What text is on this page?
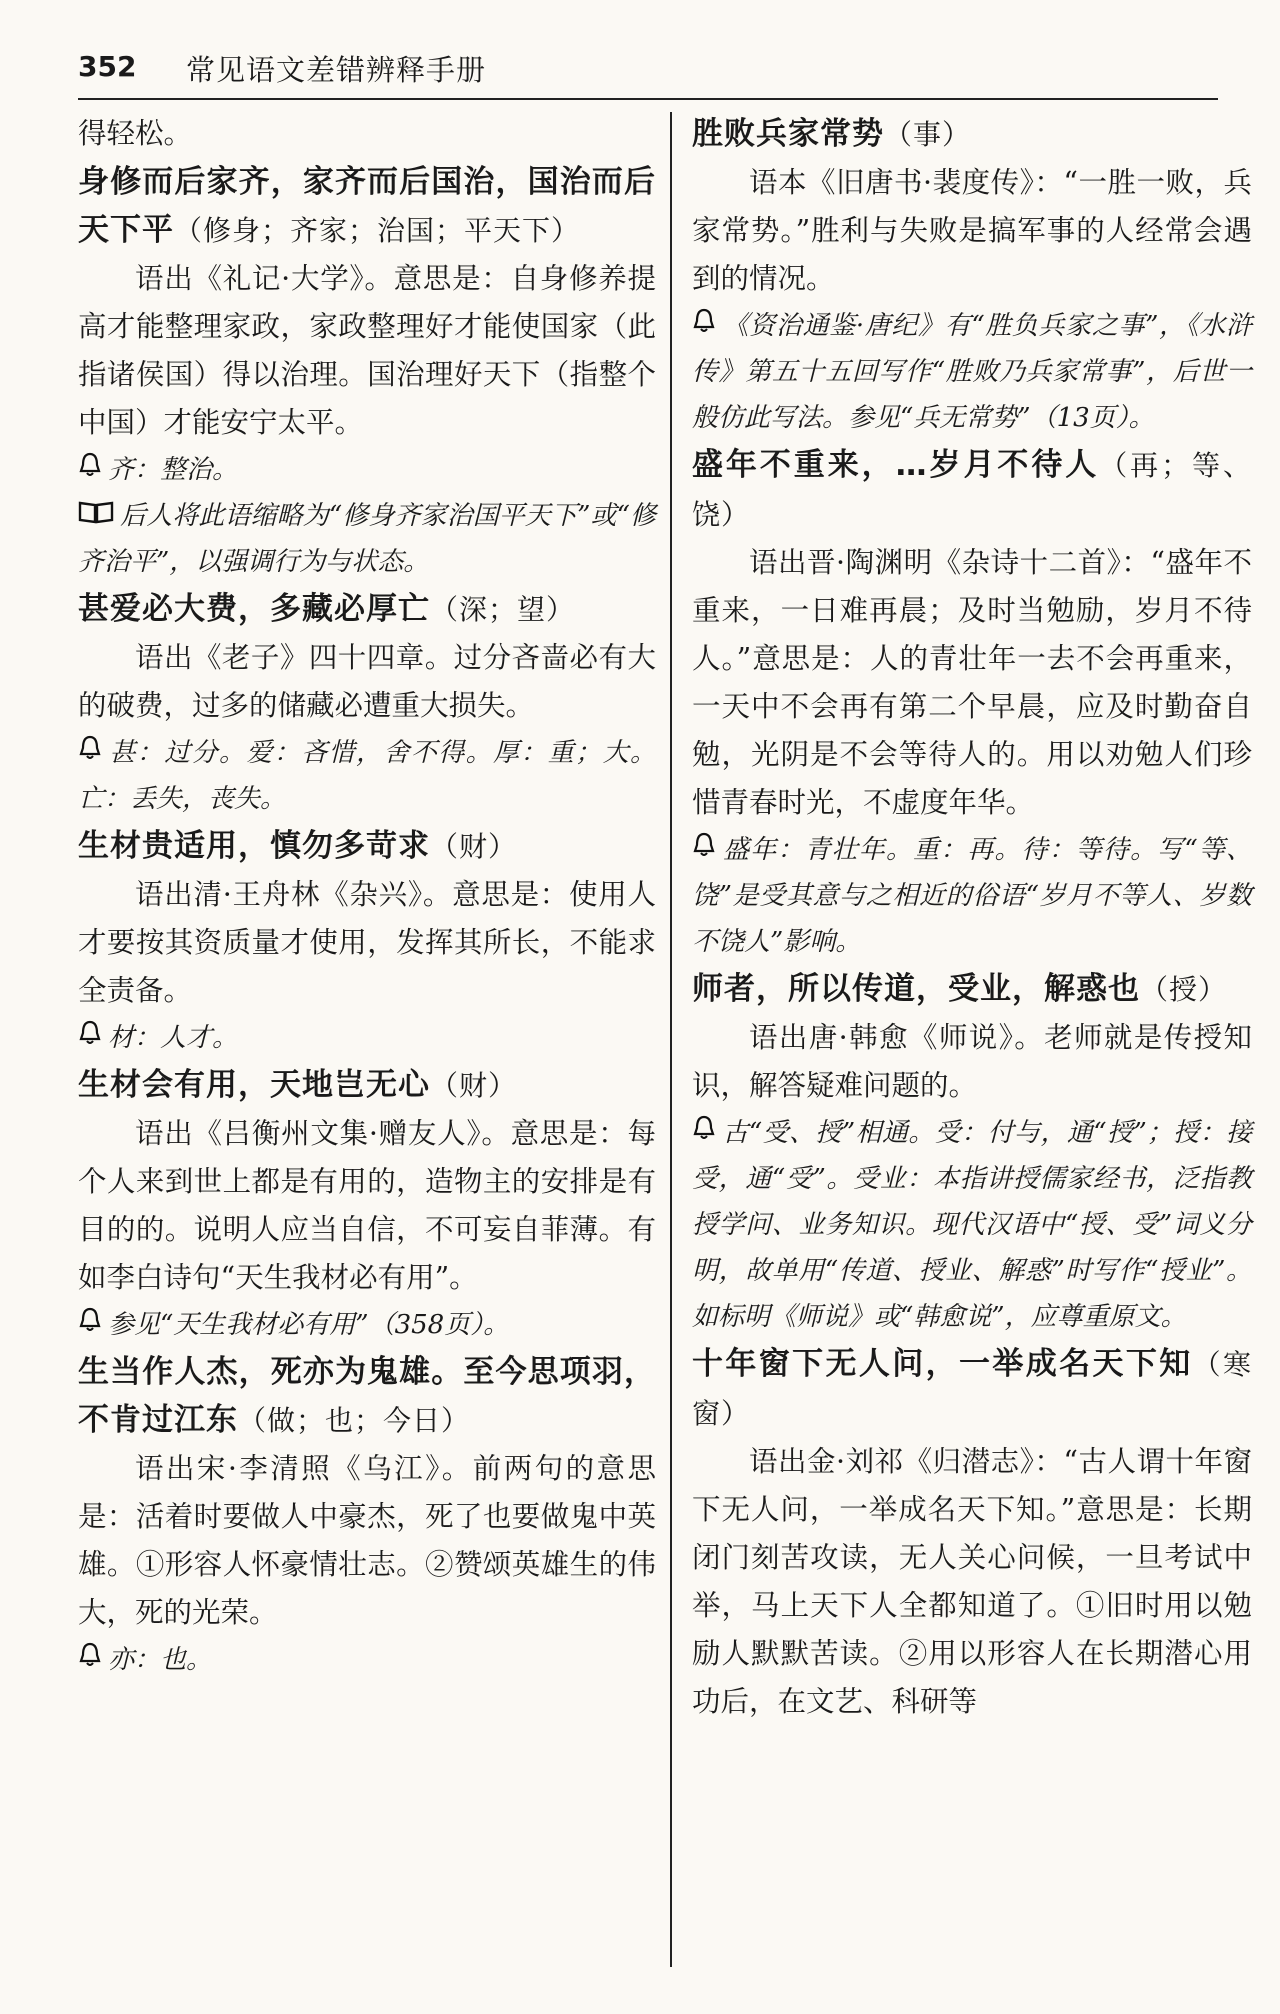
352 常见语文差错辨释手册

得轻松。

身修而后家齐，家齐而后国治，国治而后天下平（修身；齐家；治国；平天下）

语出《礼记·大学》。意思是：自身修养提高才能整理家政，家政整理好才能使国家（此指诸侯国）得以治理。国治理好天下（指整个中国）才能安宁太平。

齐：整治。

后人将此语缩略为“修身齐家治国平天下”或“修齐治平”，以强调行为与状态。

甚爱必大费，多藏必厚亡（深；望）

语出《老子》四十四章。过分吝啬必有大的破费，过多的储藏必遭重大损失。

甚：过分。爱：吝惜，舍不得。厚：重；大。亡：丢失，丧失。

生材贵适用，慎勿多苛求（财）

语出清·王舟林《杂兴》。意思是：使用人才要按其资质量才使用，发挥其所长，不能求全责备。

材：人才。

生材会有用，天地岂无心（财）

语出《吕衡州文集·赠友人》。意思是：每个人来到世上都是有用的，造物主的安排是有目的的。说明人应当自信，不可妄自菲薄。有如李白诗句“天生我材必有用”。

参见“天生我材必有用”（358页）。

生当作人杰，死亦为鬼雄。至今思项羽，不肯过江东（做；也；今日）

语出宋·李清照《乌江》。前两句的意思是：活着时要做人中豪杰，死了也要做鬼中英雄。①形容人怀豪情壮志。②赞颂英雄生的伟大，死的光荣。

亦：也。

胜败兵家常势（事）

语本《旧唐书·裴度传》：“一胜一败，兵家常势。”胜利与失败是搞军事的人经常会遇到的情况。

《资治通鉴·唐纪》有“胜负兵家之事”，《水浒传》第五十五回写作“胜败乃兵家常事”，后世一般仿此写法。参见“兵无常势”（13页）。

盛年不重来，…岁月不待人（再；等、饶）

语出晋·陶渊明《杂诗十二首》：“盛年不重来，一日难再晨；及时当勉励，岁月不待人。”意思是：人的青壮年一去不会再重来，一天中不会再有第二个早晨，应及时勤奋自勉，光阴是不会等待人的。用以劝勉人们珍惜青春时光，不虚度年华。

盛年：青壮年。重：再。待：等待。写“等、饶”是受其意与之相近的俗语“岁月不等人、岁数不饶人”影响。

师者，所以传道，受业，解惑也（授）

语出唐·韩愈《师说》。老师就是传授知识，解答疑难问题的。

古“受、授”相通。受：付与，通“授”；授：接受，通“受”。受业：本指讲授儒家经书，泛指教授学问、业务知识。现代汉语中“授、受”词义分明，故单用“传道、授业、解惑”时写作“授业”。如标明《师说》或“韩愈说”，应尊重原文。

十年窗下无人问，一举成名天下知（寒窗）

语出金·刘祁《归潜志》：“古人谓十年窗下无人问，一举成名天下知。”意思是：长期闭门刻苦攻读，无人关心问候，一旦考试中举，马上天下人全都知道了。①旧时用以勉励人默默苦读。②用以形容人在长期潜心用功后，在文艺、科研等
